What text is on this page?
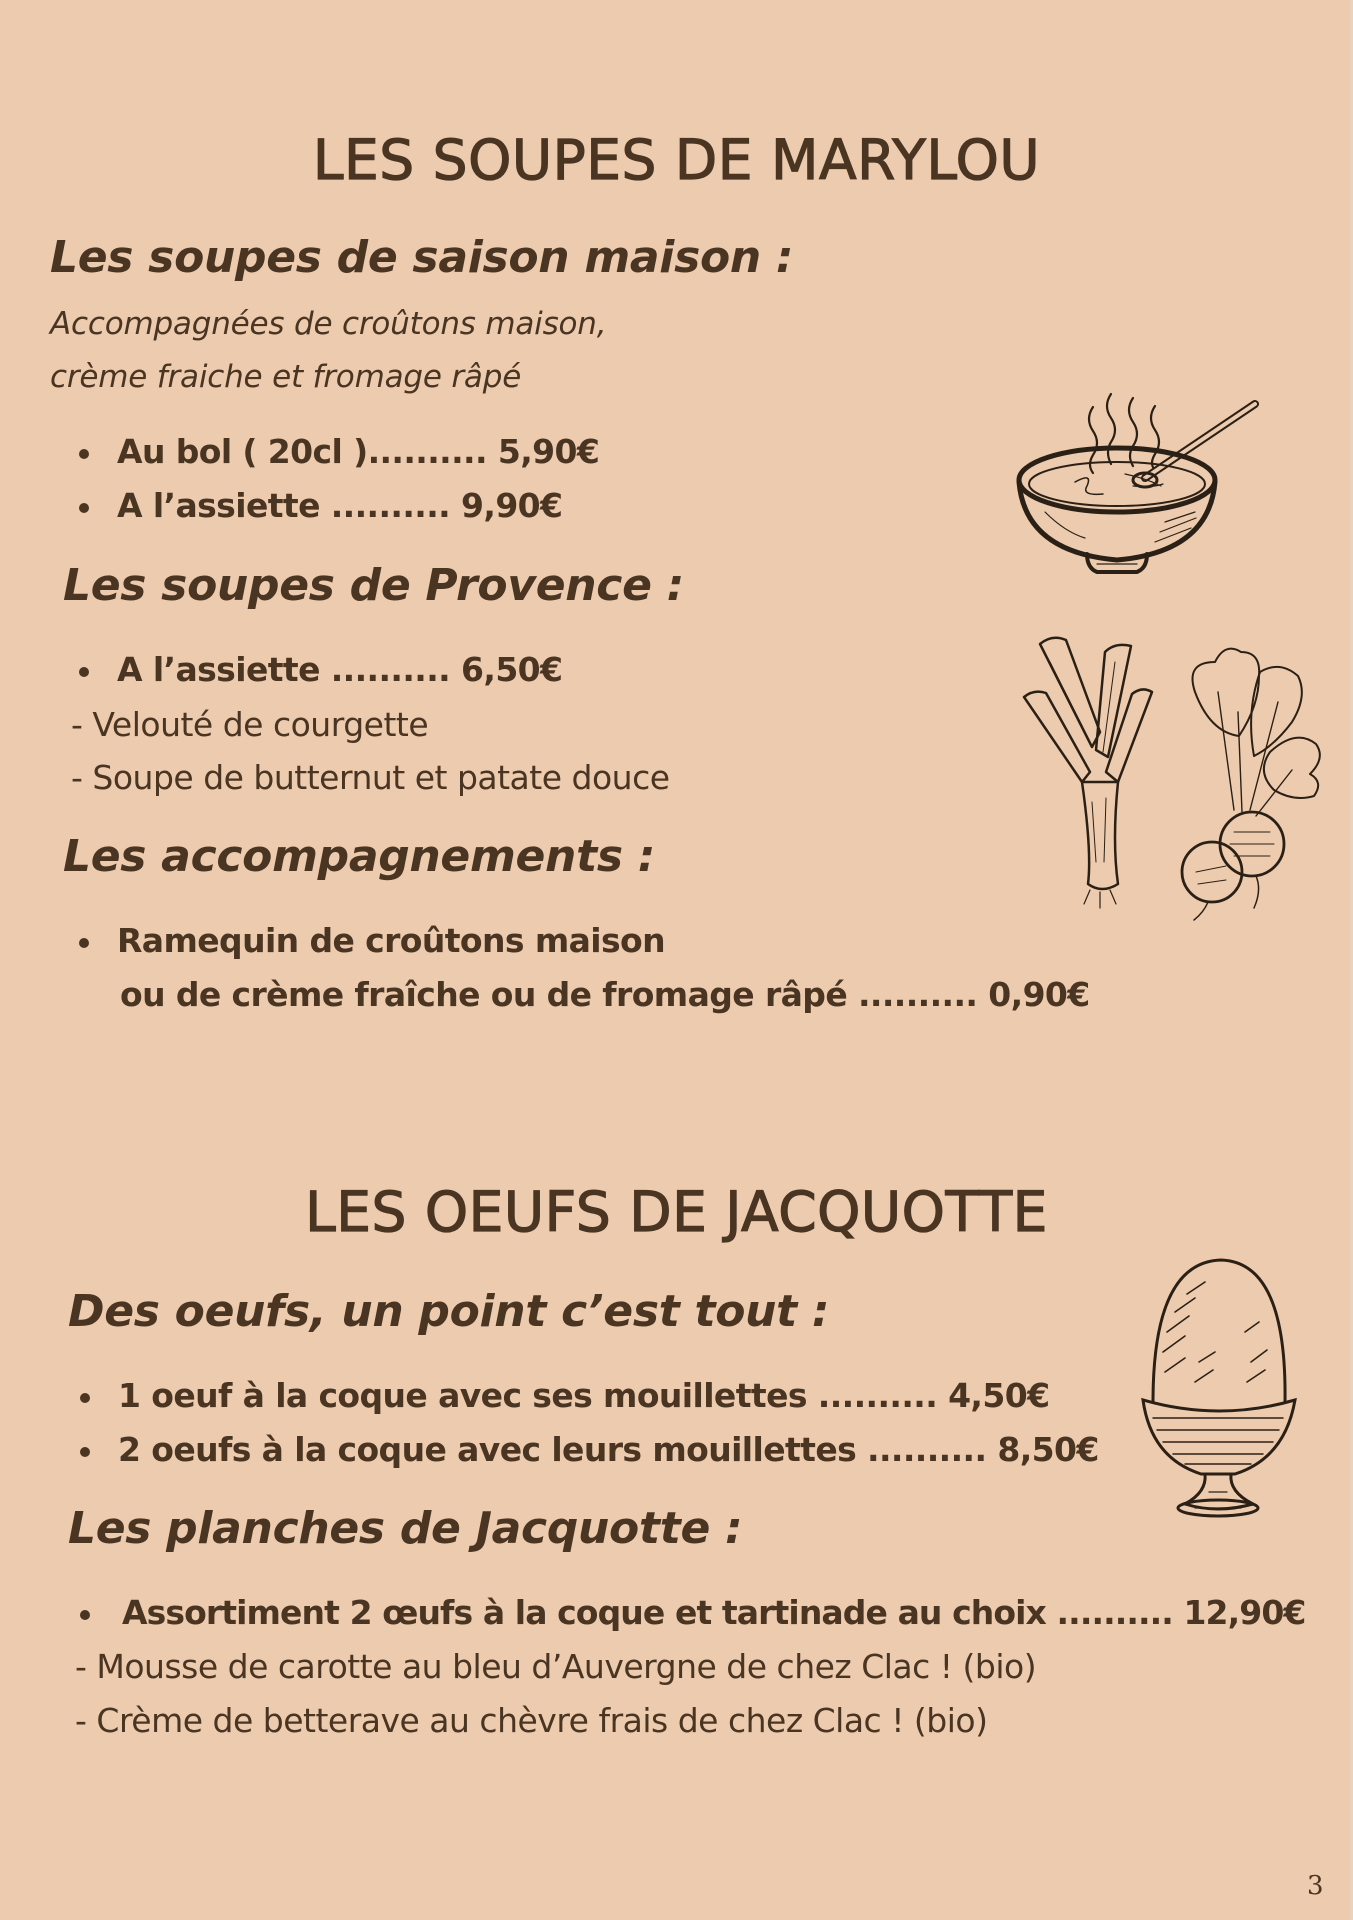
LES SOUPES DE MARYLOU
Les soupes de saison maison :
Accompagnées de croûtons maison,
crème fraiche et fromage râpé
Au bol ( 20cl ).......... 5,90€
A l’assiette .......... 9,90€
Les soupes de Provence :
A l’assiette .......... 6,50€
- Velouté de courgette
- Soupe de butternut et patate douce
Les accompagnements :
Ramequin de croûtons maison
ou de crème fraîche ou de fromage râpé .......... 0,90€
LES OEUFS DE JACQUOTTE
Des oeufs, un point c’est tout :
1 oeuf à la coque avec ses mouillettes .......... 4,50€
2 oeufs à la coque avec leurs mouillettes .......... 8,50€
Les planches de Jacquotte :
Assortiment 2 œufs à la coque et tartinade au choix .......... 12,90€
- Mousse de carotte au bleu d’Auvergne de chez Clac ! (bio)
- Crème de betterave au chèvre frais de chez Clac ! (bio)
3
